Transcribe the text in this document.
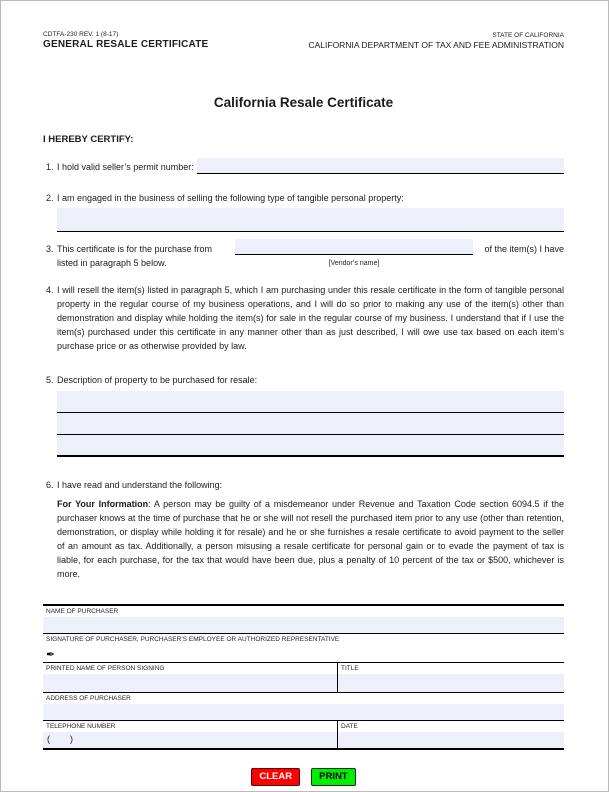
CDTFA-230 REV. 1 (8-17)
GENERAL RESALE CERTIFICATE
STATE OF CALIFORNIA
CALIFORNIA DEPARTMENT OF TAX AND FEE ADMINISTRATION
California Resale Certificate
I HEREBY CERTIFY:
1. I hold valid seller’s permit number:
2. I am engaged in the business of selling the following type of tangible personal property:
3. This certificate is for the purchase from	of the item(s) I have
listed in paragraph 5 below.	[Vendor’s name]
4. I will resell the item(s) listed in paragraph 5, which I am purchasing under this resale certificate in the form of tangible personal property in the regular course of my business operations, and I will do so prior to making any use of the item(s) other than demonstration and display while holding the item(s) for sale in the regular course of my business. I understand that if I use the item(s) purchased under this certificate in any manner other than as just described, I will owe use tax based on each item’s purchase price or as otherwise provided by law.
5. Description of property to be purchased for resale:
6. I have read and understand the following:
For Your Information: A person may be guilty of a misdemeanor under Revenue and Taxation Code section 6094.5 if the purchaser knows at the time of purchase that he or she will not resell the purchased item prior to any use (other than retention, demonstration, or display while holding it for resale) and he or she furnishes a resale certificate to avoid payment to the seller of an amount as tax. Additionally, a person misusing a resale certificate for personal gain or to evade the payment of tax is liable, for each purchase, for the tax that would have been due, plus a penalty of 10 percent of the tax or $500, whichever is more.
NAME OF PURCHASER
SIGNATURE OF PURCHASER, PURCHASER’S EMPLOYEE OR AUTHORIZED REPRESENTATIVE
✒
PRINTED NAME OF PERSON SIGNING	TITLE
ADDRESS OF PURCHASER
TELEPHONE NUMBER
(        )
DATE
CLEAR	PRINT
